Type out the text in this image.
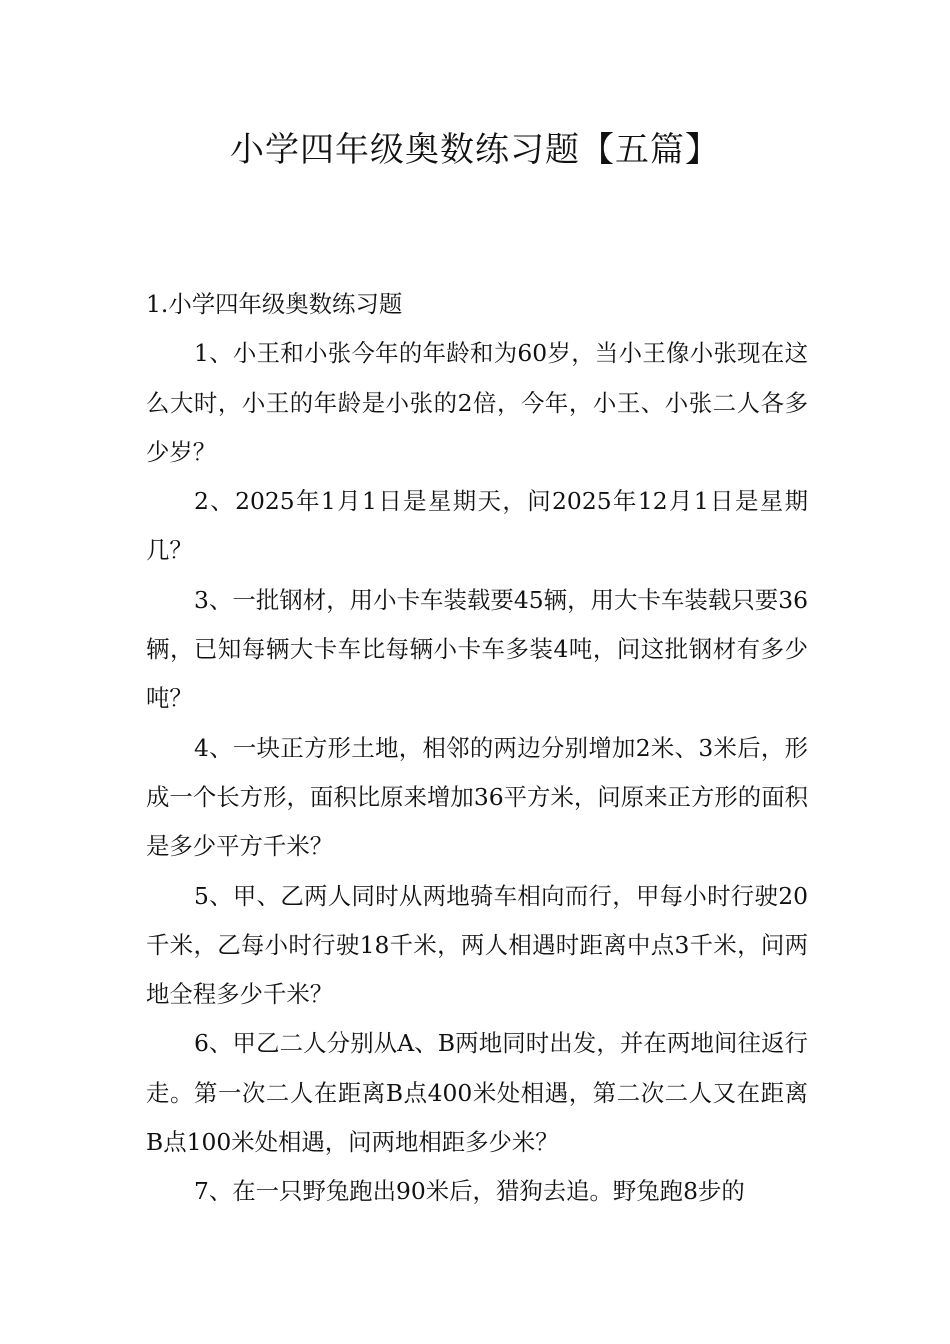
小学四年级奥数练习题【五篇】

1.小学四年级奥数练习题

1、小王和小张今年的年龄和为60岁，当小王像小张现在这么大时，小王的年龄是小张的2倍，今年，小王、小张二人各多少岁？

2、2025年1月1日是星期天，问2025年12月1日是星期几？

3、一批钢材，用小卡车装载要45辆，用大卡车装载只要36辆，已知每辆大卡车比每辆小卡车多装4吨，问这批钢材有多少吨？

4、一块正方形土地，相邻的两边分别增加2米、3米后，形成一个长方形，面积比原来增加36平方米，问原来正方形的面积是多少平方千米？

5、甲、乙两人同时从两地骑车相向而行，甲每小时行驶20千米，乙每小时行驶18千米，两人相遇时距离中点3千米，问两地全程多少千米？

6、甲乙二人分别从A、B两地同时出发，并在两地间往返行走。第一次二人在距离B点400米处相遇，第二次二人又在距离B点100米处相遇，问两地相距多少米？

7、在一只野兔跑出90米后，猎狗去追。野兔跑8步的
